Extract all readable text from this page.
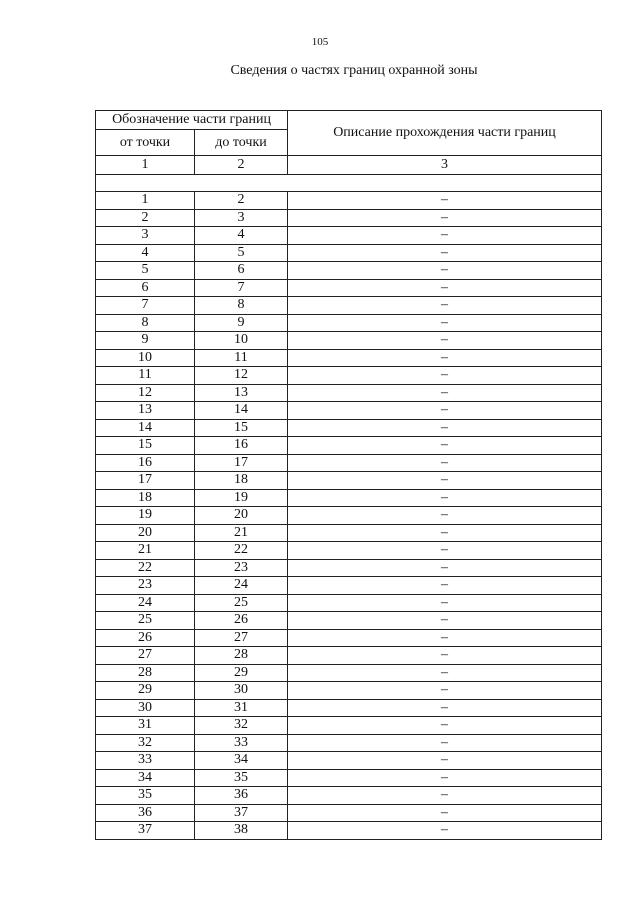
105
Сведения о частях границ охранной зоны
Обозначение части границ		Описание прохождения части границ
от точки	до точки	
1	2	3

1	2	–
2	3	–
3	4	–
4	5	–
5	6	–
6	7	–
7	8	–
8	9	–
9	10	–
10	11	–
11	12	–
12	13	–
13	14	–
14	15	–
15	16	–
16	17	–
17	18	–
18	19	–
19	20	–
20	21	–
21	22	–
22	23	–
23	24	–
24	25	–
25	26	–
26	27	–
27	28	–
28	29	–
29	30	–
30	31	–
31	32	–
32	33	–
33	34	–
34	35	–
35	36	–
36	37	–
37	38	–
